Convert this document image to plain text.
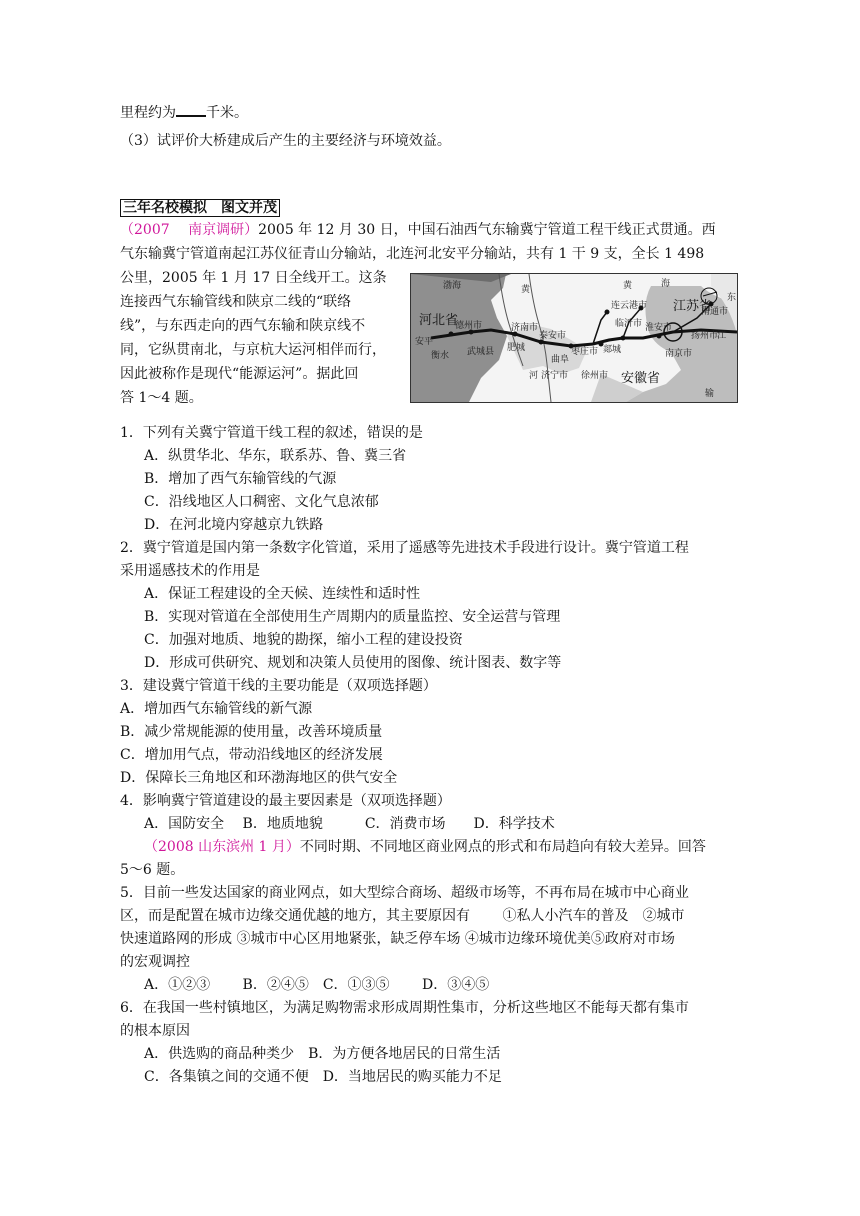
里程约为 千米。
（3）试评价大桥建成后产生的主要经济与环境效益。
三年名校模拟　图文并茂
（2007　 南京调研）2005 年 12 月 30 日，中国石油西气东输冀宁管道工程干线正式贯通。西
气东输冀宁管道南起江苏仪征青山分输站，北连河北安平分输站，共有 1 干 9 支，全长 1 498
公里，2005 年 1 月 17 日全线开工。这条
连接西气东输管线和陕京二线的“联络
线”，与东西走向的西气东输和陕京线不
同，它纵贯南北，与京杭大运河相伴而行，
因此被称作是现代“能源运河”。据此回
答 1～4 题。
河北省
江苏省
安徽省
黄	黄	海
东
河
江
输
渤海
安平
衡水
德州市
武城县
济南市
泰安市
肥城
曲阜
济宁市 徐州市
枣庄市 郯城
临沂市
连云港市
淮安市
扬州市
南通市
南京市
1．下列有关冀宁管道干线工程的叙述，错误的是
A．纵贯华北、华东，联系苏、鲁、冀三省
B．增加了西气东输管线的气源
C．沿线地区人口稠密、文化气息浓郁
D．在河北境内穿越京九铁路
2．冀宁管道是国内第一条数字化管道，采用了遥感等先进技术手段进行设计。冀宁管道工程
采用遥感技术的作用是
A．保证工程建设的全天候、连续性和适时性
B．实现对管道在全部使用生产周期内的质量监控、安全运营与管理
C．加强对地质、地貌的勘探，缩小工程的建设投资
D．形成可供研究、规划和决策人员使用的图像、统计图表、数字等
3．建设冀宁管道干线的主要功能是（双项选择题）
A．增加西气东输管线的新气源
B．减少常规能源的使用量，改善环境质量
C．增加用气点，带动沿线地区的经济发展
D．保障长三角地区和环渤海地区的供气安全
4．影响冀宁管道建设的最主要因素是（双项选择题）
A．国防安全　 B．地质地貌　　　C．消费市场　　D．科学技术
（2008 山东滨州 1 月）不同时期、不同地区商业网点的形式和布局趋向有较大差异。回答
5～6 题。
5．目前一些发达国家的商业网点，如大型综合商场、超级市场等，不再布局在城市中心商业
区，而是配置在城市边缘交通优越的地方，其主要原因有　　 ①私人小汽车的普及　②城市
快速道路网的形成 ③城市中心区用地紧张，缺乏停车场 ④城市边缘环境优美⑤政府对市场
的宏观调控
A．①②③　　 B．②④⑤　C．①③⑤　　 D．③④⑤
6．在我国一些村镇地区，为满足购物需求形成周期性集市，分析这些地区不能每天都有集市
的根本原因
A．供选购的商品种类少　B．为方便各地居民的日常生活
C．各集镇之间的交通不便　D．当地居民的购买能力不足
